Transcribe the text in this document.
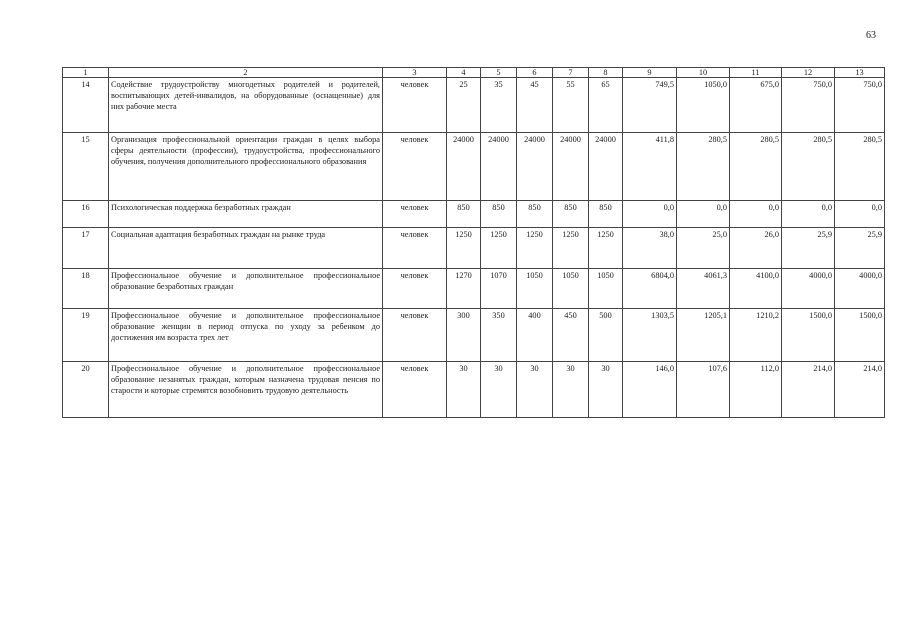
63
1	2	3	4	5	6	7	8	9	10	11	12	13
14	Содействие трудоустройству многодетных родителей и родителей, воспитывающих детей-инвалидов, на оборудованные (оснащенные) для них рабочие места	человек	25	35	45	55	65	749,5	1050,0	675,0	750,0	750,0
15	Организация профессиональной ориентации граждан в целях выбора сферы деятельности (профессии), трудоустройства, профессионального обучения, получения дополнительного профессионального образования	человек	24000	24000	24000	24000	24000	411,8	280,5	280,5	280,5	280,5
16	Психологическая поддержка безработных граждан	человек	850	850	850	850	850	0,0	0,0	0,0	0,0	0,0
17	Социальная адаптация безработных граждан на рынке труда	человек	1250	1250	1250	1250	1250	38,0	25,0	26,0	25,9	25,9
18	Профессиональное обучение и дополнительное профессиональное образование безработных граждан	человек	1270	1070	1050	1050	1050	6804,0	4061,3	4100,0	4000,0	4000,0
19	Профессиональное обучение и дополнительное профессиональное образование женщин в период отпуска по уходу за ребенком до достижения им возраста трех лет	человек	300	350	400	450	500	1303,5	1205,1	1210,2	1500,0	1500,0
20	Профессиональное обучение и дополнительное профессиональное образование незанятых граждан, которым назначена трудовая пенсия по старости и которые стремятся возобновить трудовую деятельность	человек	30	30	30	30	30	146,0	107,6	112,0	214,0	214,0
